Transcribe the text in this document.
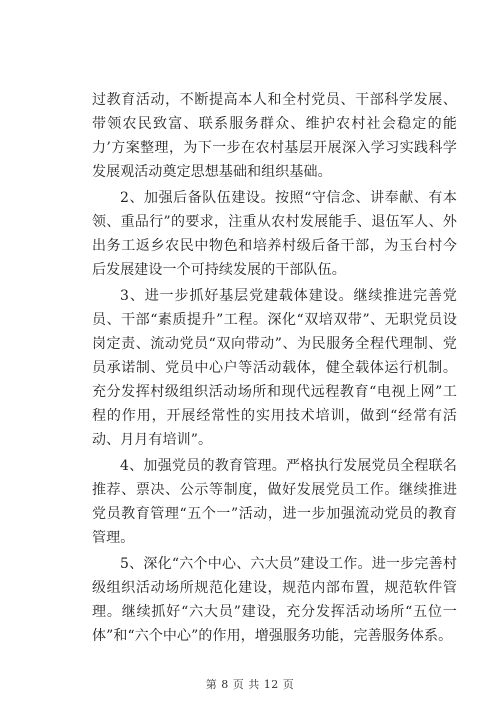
过教育活动，不断提高本人和全村党员、干部科学发展、带领农民致富、联系服务群众、维护农村社会稳定的能力’方案整理，为下一步在农村基层开展深入学习实践科学发展观活动奠定思想基础和组织基础。

2、加强后备队伍建设。按照“守信念、讲奉献、有本领、重品行”的要求，注重从农村发展能手、退伍军人、外出务工返乡农民中物色和培养村级后备干部，为玉台村今后发展建设一个可持续发展的干部队伍。

3、进一步抓好基层党建载体建设。继续推进完善党员、干部“素质提升”工程。深化“双培双带”、无职党员设岗定责、流动党员“双向带动”、为民服务全程代理制、党员承诺制、党员中心户等活动载体，健全载体运行机制。充分发挥村级组织活动场所和现代远程教育“电视上网”工程的作用，开展经常性的实用技术培训，做到“经常有活动、月月有培训”。

4、加强党员的教育管理。严格执行发展党员全程联名推荐、票决、公示等制度，做好发展党员工作。继续推进党员教育管理“五个一”活动，进一步加强流动党员的教育管理。

5、深化“六个中心、六大员”建设工作。进一步完善村级组织活动场所规范化建设，规范内部布置，规范软件管理。继续抓好“六大员”建设，充分发挥活动场所“五位一体”和“六个中心”的作用，增强服务功能，完善服务体系。

第 8 页 共 12 页
